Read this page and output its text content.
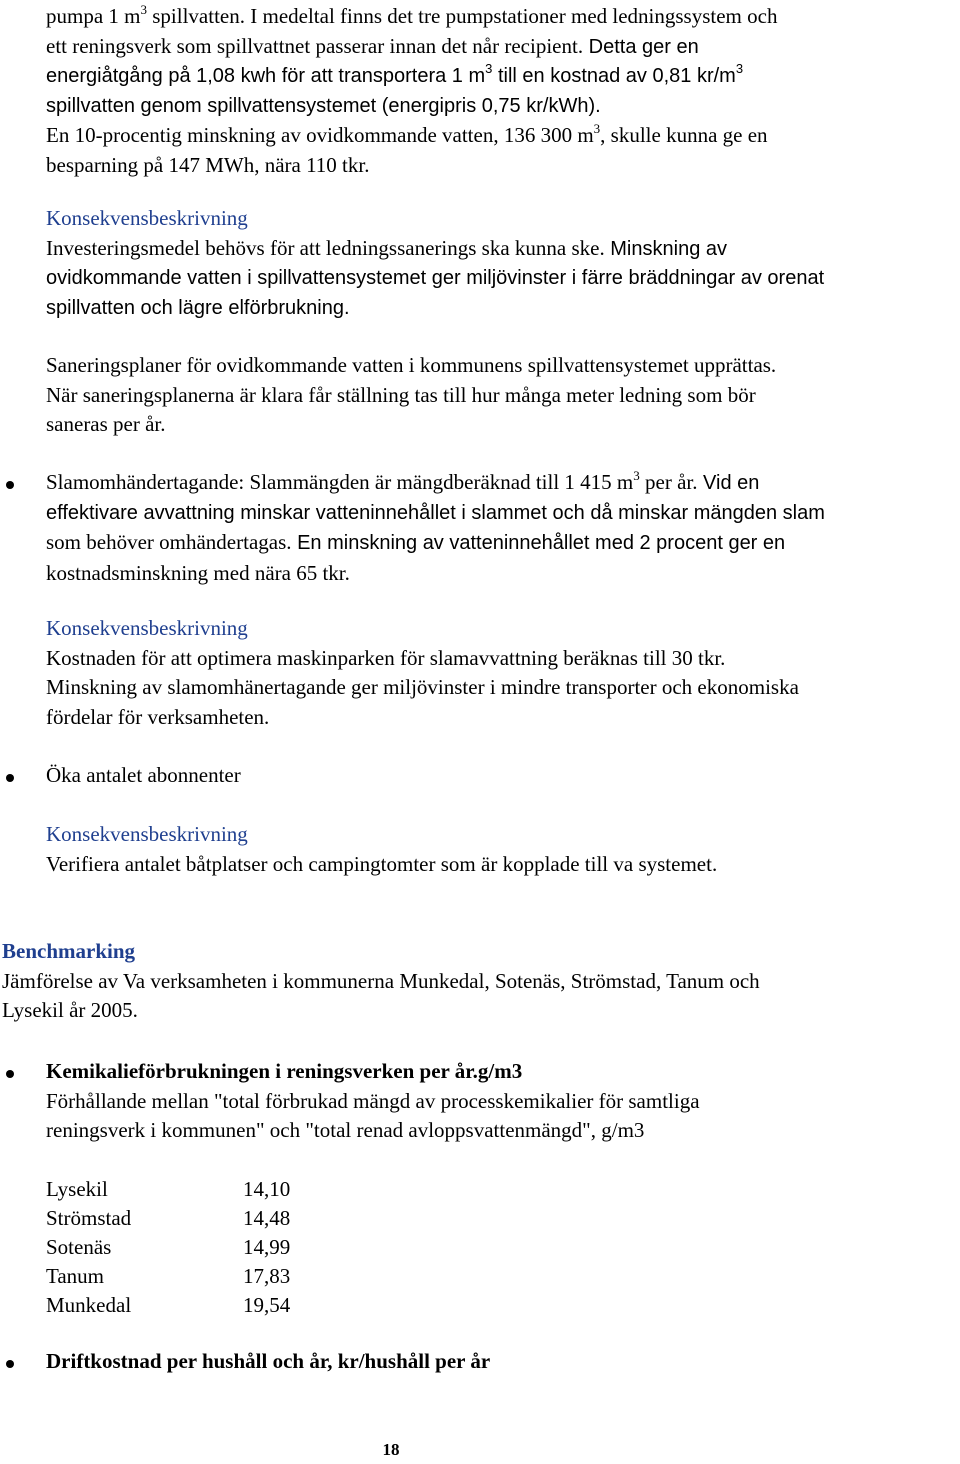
pumpa 1 $m^3$ spillvatten. I medeltal finns det tre pumpstationer med ledningssystem och
ett reningsverk som spillvattnet passerar innan det når recipient. Detta ger en
energiåtgång på 1,08 kwh för att transportera 1 $m^3$ till en kostnad av 0,81 $kr/m^3$
spillvatten genom spillvattensystemet (energipris 0,75 kr/kWh).
En 10-procentig minskning av ovidkommande vatten, 136 300 $m^3$, skulle kunna ge en
besparning på 147 MWh, nära 110 tkr.
Konsekvensbeskrivning
Investeringsmedel behövs för att ledningssanerings ska kunna ske. Minskning av
ovidkommande vatten i spillvattensystemet ger miljövinster i färre bräddningar av orenat
spillvatten och lägre elförbrukning.
Saneringsplaner för ovidkommande vatten i kommunens spillvattensystemet upprättas.
När saneringsplanerna är klara får ställning tas till hur många meter ledning som bör
saneras per år.
Slamomhändertagande: Slammängden är mängdberäknad till 1 415 $m^3$ per år. Vid en
effektivare avvattning minskar vatteninnehållet i slammet och då minskar mängden slam
som behöver omhändertagas. En minskning av vatteninnehållet med 2 procent ger en
kostnadsminskning med nära 65 tkr.
Konsekvensbeskrivning
Kostnaden för att optimera maskinparken för slamavvattning beräknas till 30 tkr.
Minskning av slamomhänertagande ger miljövinster i mindre transporter och ekonomiska
fördelar för verksamheten.
Öka antalet abonnenter
Konsekvensbeskrivning
Verifiera antalet båtplatser och campingtomter som är kopplade till va systemet.
Benchmarking
Jämförelse av Va verksamheten i kommunerna Munkedal, Sotenäs, Strömstad, Tanum och
Lysekil år 2005.
Kemikalieförbrukningen i reningsverken per år.g/m3
Förhållande mellan "total förbrukad mängd av processkemikalier för samtliga
reningsverk i kommunen" och "total renad avloppsvattenmängd", g/m3
Lysekil	14,10
Strömstad	14,48
Sotenäs	14,99
Tanum	17,83
Munkedal	19,54
Driftkostnad per hushåll och år, kr/hushåll per år
18
